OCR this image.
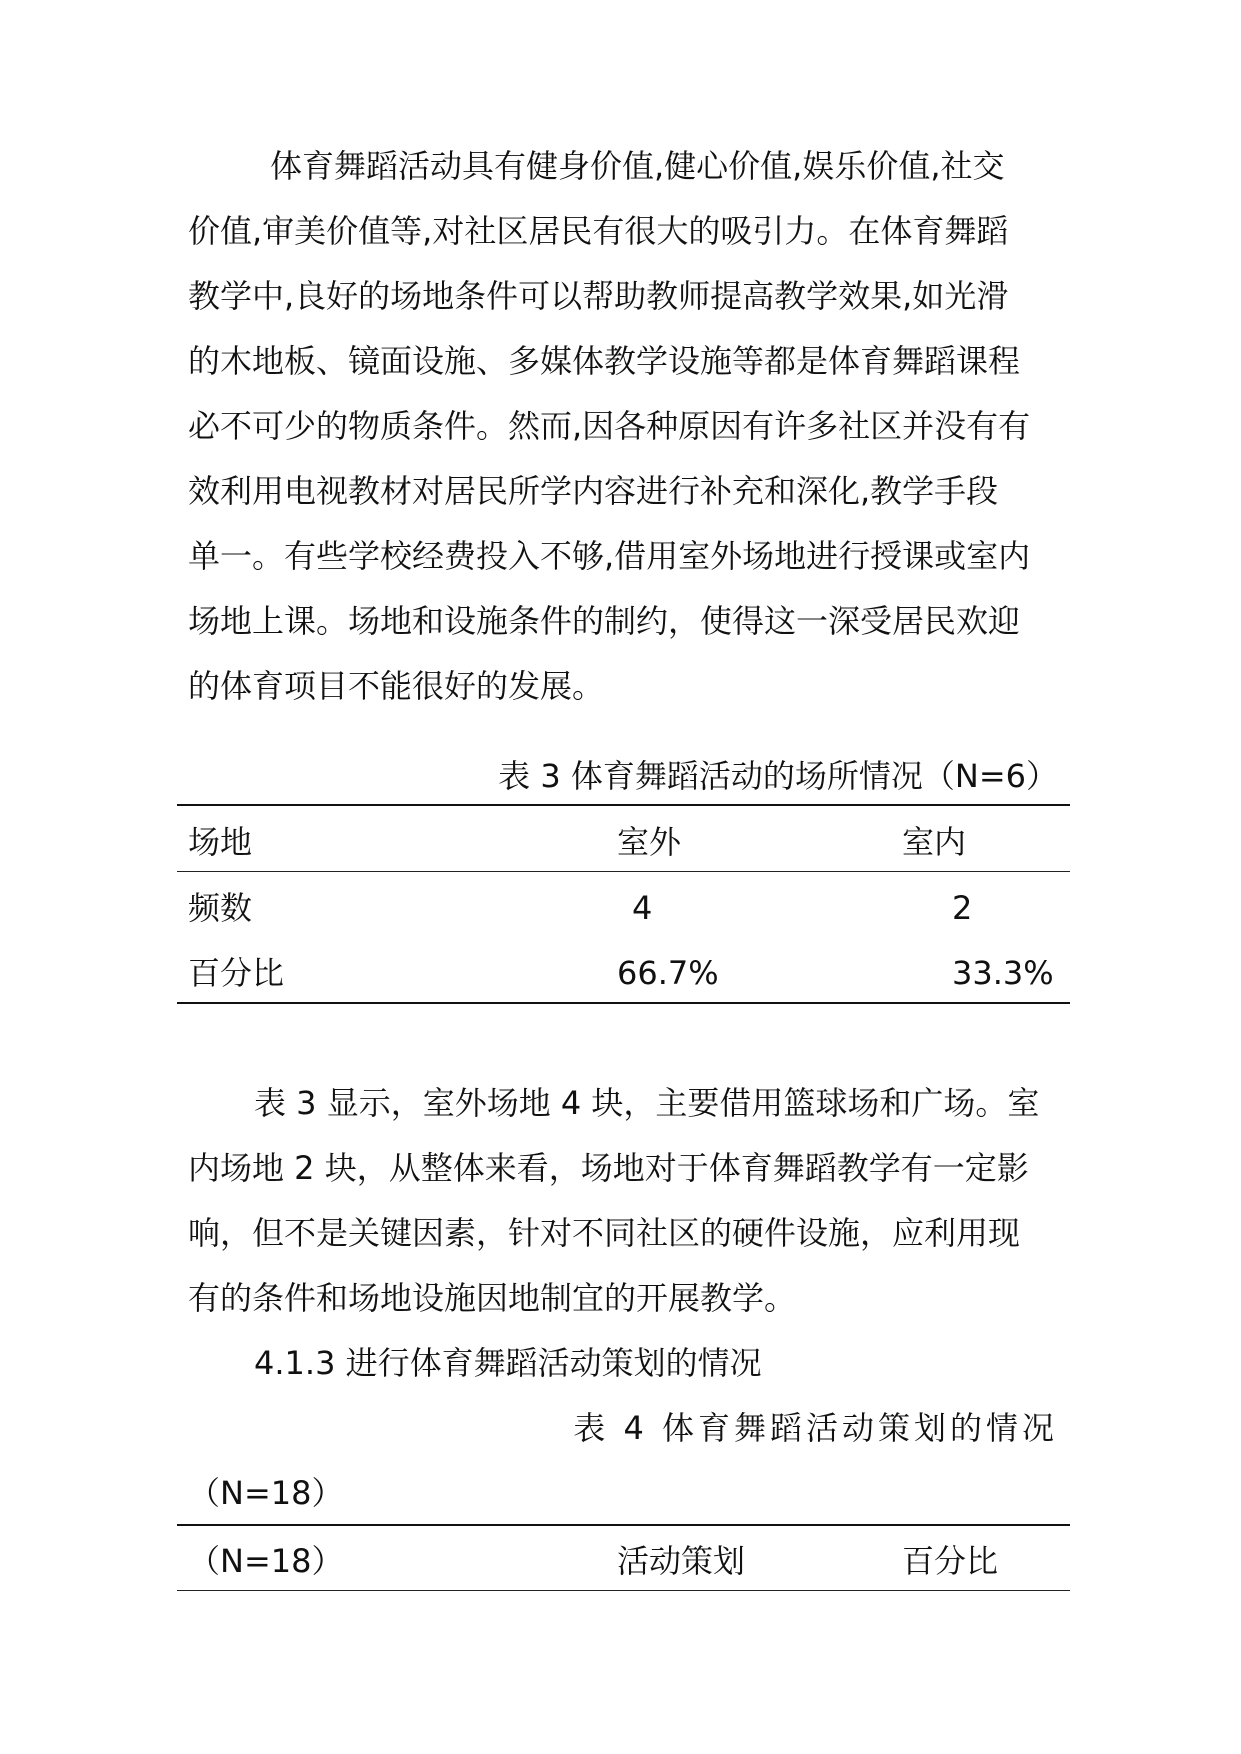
体育舞蹈活动具有健身价值,健心价值,娱乐价值,社交
价值,审美价值等,对社区居民有很大的吸引力。在体育舞蹈
教学中,良好的场地条件可以帮助教师提高教学效果,如光滑
的木地板、镜面设施、多媒体教学设施等都是体育舞蹈课程
必不可少的物质条件。然而,因各种原因有许多社区并没有有
效利用电视教材对居民所学内容进行补充和深化,教学手段
单一。有些学校经费投入不够,借用室外场地进行授课或室内
场地上课。场地和设施条件的制约，使得这一深受居民欢迎
的体育项目不能很好的发展。
表 3 体育舞蹈活动的场所情况（N=6）
场地	室外	室内
频数	4	2
百分比	66.7%	33.3%
表 3 显示，室外场地 4 块，主要借用篮球场和广场。室
内场地 2 块，从整体来看，场地对于体育舞蹈教学有一定影
响，但不是关键因素，针对不同社区的硬件设施，应利用现
有的条件和场地设施因地制宜的开展教学。
4.1.3 进行体育舞蹈活动策划的情况
表 4 体育舞蹈活动策划的情况
（N=18）
（N=18）	活动策划	百分比
